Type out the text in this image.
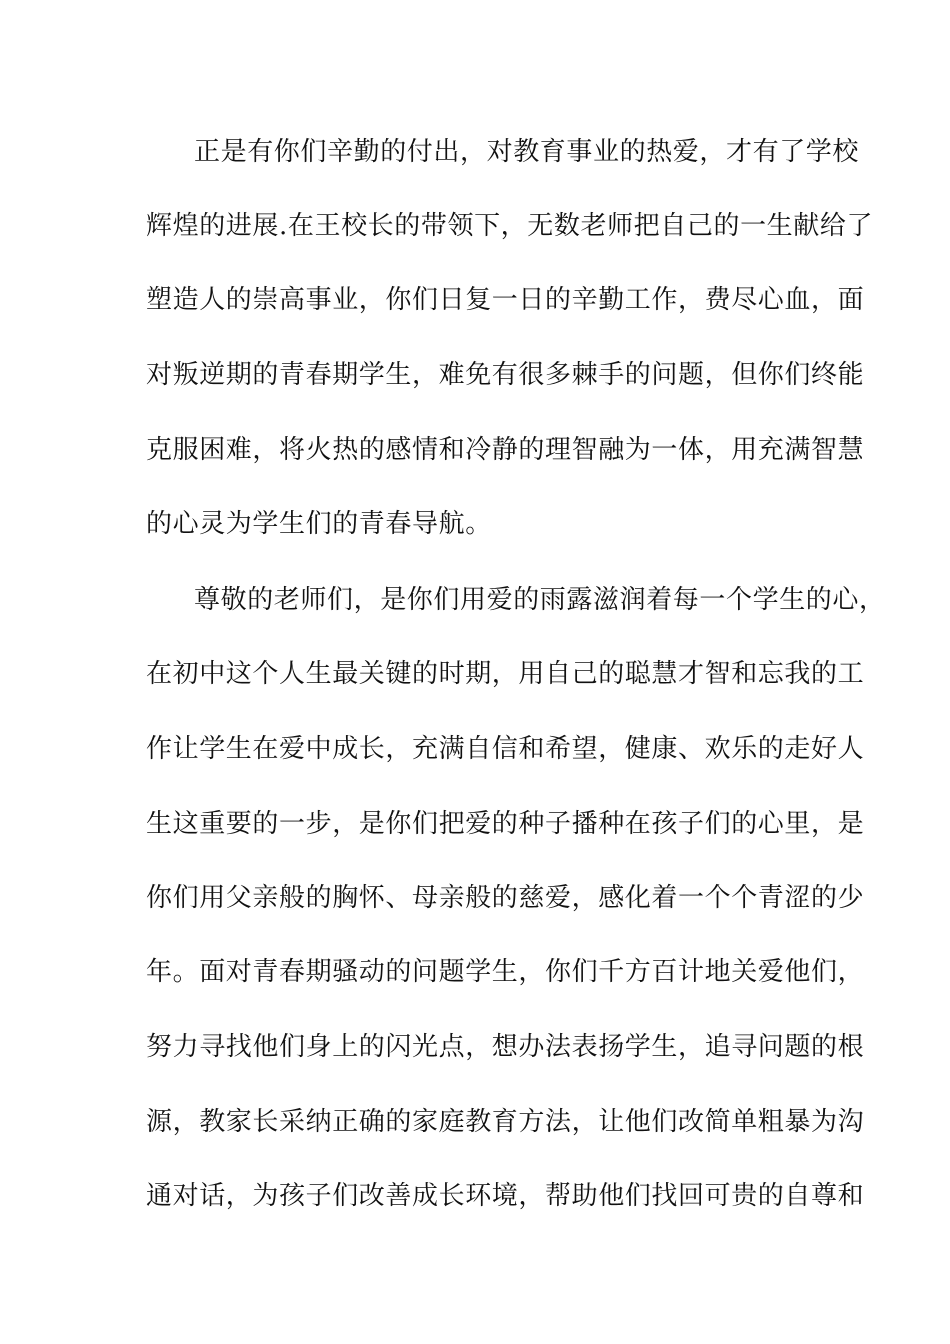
正是有你们辛勤的付出，对教育事业的热爱，才有了学校
辉煌的进展.在王校长的带领下，无数老师把自己的一生献给了
塑造人的崇高事业，你们日复一日的辛勤工作，费尽心血，面
对叛逆期的青春期学生，难免有很多棘手的问题，但你们终能
克服困难，将火热的感情和冷静的理智融为一体，用充满智慧
的心灵为学生们的青春导航。
尊敬的老师们，是你们用爱的雨露滋润着每一个学生的心，
在初中这个人生最关键的时期，用自己的聪慧才智和忘我的工
作让学生在爱中成长，充满自信和希望，健康、欢乐的走好人
生这重要的一步，是你们把爱的种子播种在孩子们的心里，是
你们用父亲般的胸怀、母亲般的慈爱，感化着一个个青涩的少
年。面对青春期骚动的问题学生，你们千方百计地关爱他们，
努力寻找他们身上的闪光点，想办法表扬学生，追寻问题的根
源，教家长采纳正确的家庭教育方法，让他们改简单粗暴为沟
通对话，为孩子们改善成长环境，帮助他们找回可贵的自尊和
